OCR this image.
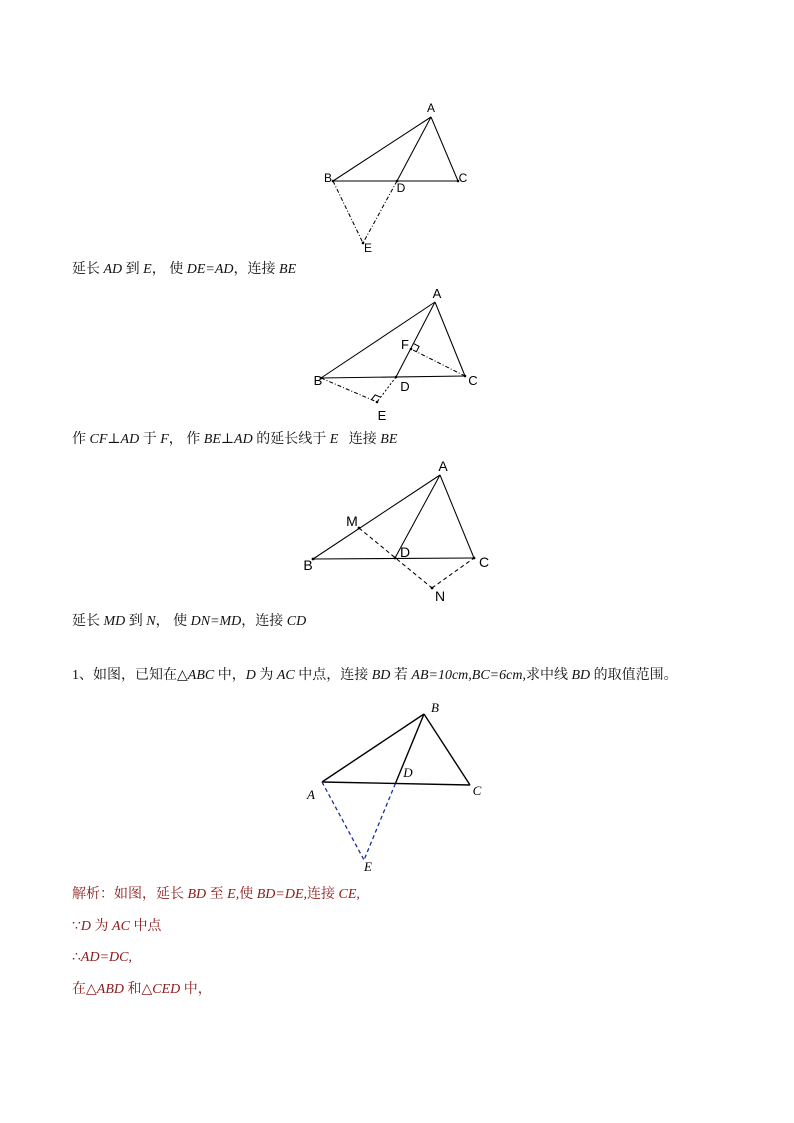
A
B
D
C
E

延长 AD 到 E， 使 DE=AD，连接 BE

A
F
B	D	C
E

作 CF⊥AD 于 F， 作 BE⊥AD 的延长线于 E   连接 BE

A
M
D
B	C
N

延长 MD 到 N， 使 DN=MD，连接 CD

1、如图，已知在△ABC 中，D 为 AC 中点，连接 BD 若 AB=10cm,BC=6cm,求中线 BD 的取值范围。

B
D
A	C
E

解析：如图，延长 BD 至 E,使 BD=DE,连接 CE,

∵D 为 AC 中点

∴AD=DC,

在△ABD 和△CED 中，
